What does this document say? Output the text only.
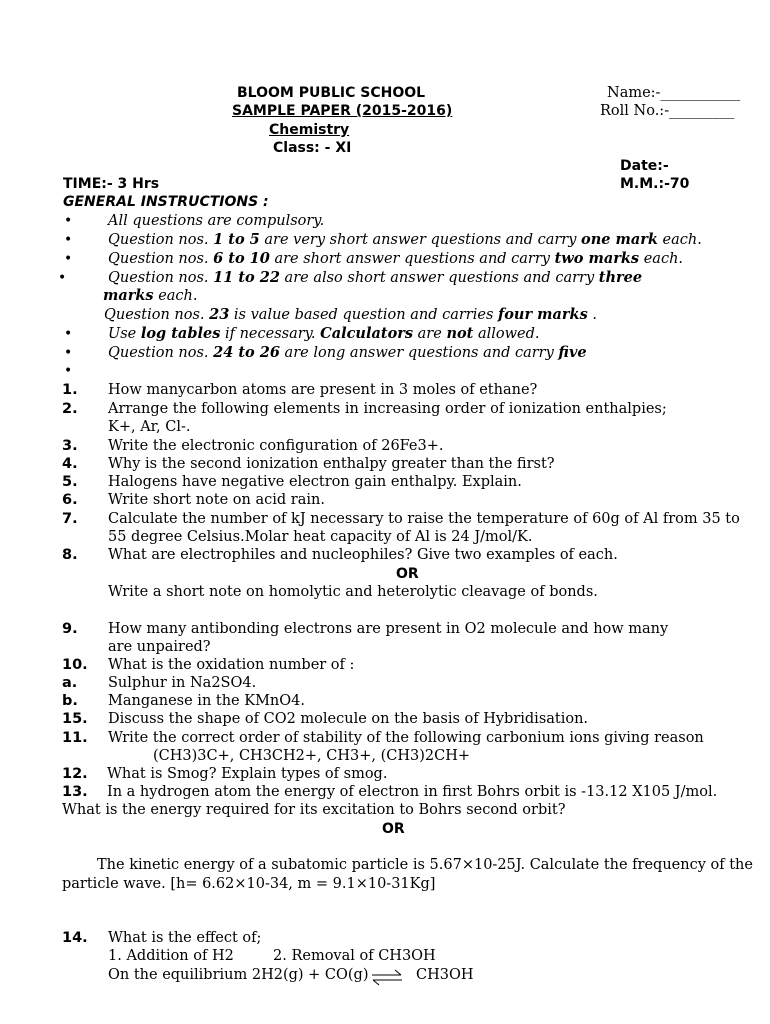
BLOOM PUBLIC SCHOOL
SAMPLE PAPER (2015-2016)
Chemistry
Class: - XI
Name:-___________
Roll No.:-_________
Date:-
TIME:- 3 Hrs	M.M.:-70
GENERAL INSTRUCTIONS :
• All questions are compulsory.
• Question nos. 1 to 5 are very short answer questions and carry one mark each.
• Question nos. 6 to 10 are short answer questions and carry two marks each.
•	Question nos. 11 to 22 are also short answer questions and carry three
marks each.
Question nos. 23 is value based question and carries four marks .
• Use log tables if necessary. Calculators are not allowed.
• Question nos. 24 to 26 are long answer questions and carry five
•
1. How manycarbon atoms are present in 3 moles of ethane?
2. Arrange the following elements in increasing order of ionization enthalpies;
K+, Ar, Cl-.
3. Write the electronic configuration of 26Fe3+.
4. Why is the second ionization enthalpy greater than the first?
5. Halogens have negative electron gain enthalpy. Explain.
6. Write short note on acid rain.
7. Calculate the number of kJ necessary to raise the temperature of 60g of Al from 35 to
55 degree Celsius.Molar heat capacity of Al is 24 J/mol/K.
8. What are electrophiles and nucleophiles? Give two examples of each.
OR
Write a short note on homolytic and heterolytic cleavage of bonds.
9. How many antibonding electrons are present in O2 molecule and how many
are unpaired?
10. What is the oxidation number of :
a. Sulphur in Na2SO4.
b. Manganese in the KMnO4.
15. Discuss the shape of CO2 molecule on the basis of Hybridisation.
11. Write the correct order of stability of the following carbonium ions giving reason
(CH3)3C+, CH3CH2+, CH3+, (CH3)2CH+
12. What is Smog? Explain types of smog.
13. In a hydrogen atom the energy of electron in first Bohrs orbit is -13.12 X105 J/mol.
What is the energy required for its excitation to Bohrs second orbit?
OR
The kinetic energy of a subatomic particle is 5.67×10-25J. Calculate the frequency of the
particle wave. [h= 6.62×10-34, m = 9.1×10-31Kg]
14. What is the effect of;
1. Addition of H2	2. Removal of CH3OH
On the equilibrium 2H2(g) + CO(g) ⇌ CH3OH
